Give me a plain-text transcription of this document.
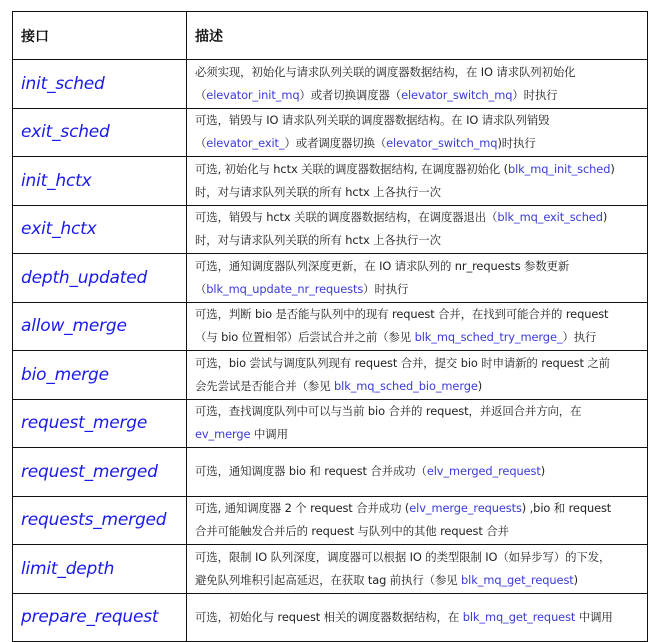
接口	描述
init_sched	必须实现，初始化与请求队列关联的调度器数据结构，在 IO 请求队列初始化
（elevator_init_mq）或者切换调度器（elevator_switch_mq）时执行

exit_sched	可选，销毁与 IO 请求队列关联的调度器数据结构。在 IO 请求队列销毁
（elevator_exit_）或者调度器切换（elevator_switch_mq)时执行

init_hctx	可选, 初始化与 hctx 关联的调度器数据结构, 在调度器初始化 (blk_mq_init_sched)
时，对与请求队列关联的所有 hctx 上各执行一次

exit_hctx	可选，销毁与 hctx 关联的调度器数据结构，在调度器退出（blk_mq_exit_sched)
时，对与请求队列关联的所有 hctx 上各执行一次

depth_updated	可选，通知调度器队列深度更新，在 IO 请求队列的 nr_requests 参数更新
（blk_mq_update_nr_requests）时执行

allow_merge	可选，判断 bio 是否能与队列中的现有 request 合并，在找到可能合并的 request
（与 bio 位置相邻）后尝试合并之前（参见 blk_mq_sched_try_merge_）执行

bio_merge	可选，bio 尝试与调度队列现有 request 合并，提交 bio 时申请新的 request 之前
会先尝试是否能合并（参见 blk_mq_sched_bio_merge)

request_merge	可选，查找调度队列中可以与当前 bio 合并的 request，并返回合并方向，在
ev_merge 中调用

request_merged	可选，通知调度器 bio 和 request 合并成功（elv_merged_request)

requests_merged	可选, 通知调度器 2 个 request 合并成功 (elv_merge_requests) ,bio 和 request
合并可能触发合并后的 request 与队列中的其他 request 合并

limit_depth	可选，限制 IO 队列深度，调度器可以根据 IO 的类型限制 IO（如异步写）的下发，
避免队列堆积引起高延迟，在获取 tag 前执行（参见 blk_mq_get_request)

prepare_request	可选，初始化与 request 相关的调度器数据结构，在 blk_mq_get_request 中调用
